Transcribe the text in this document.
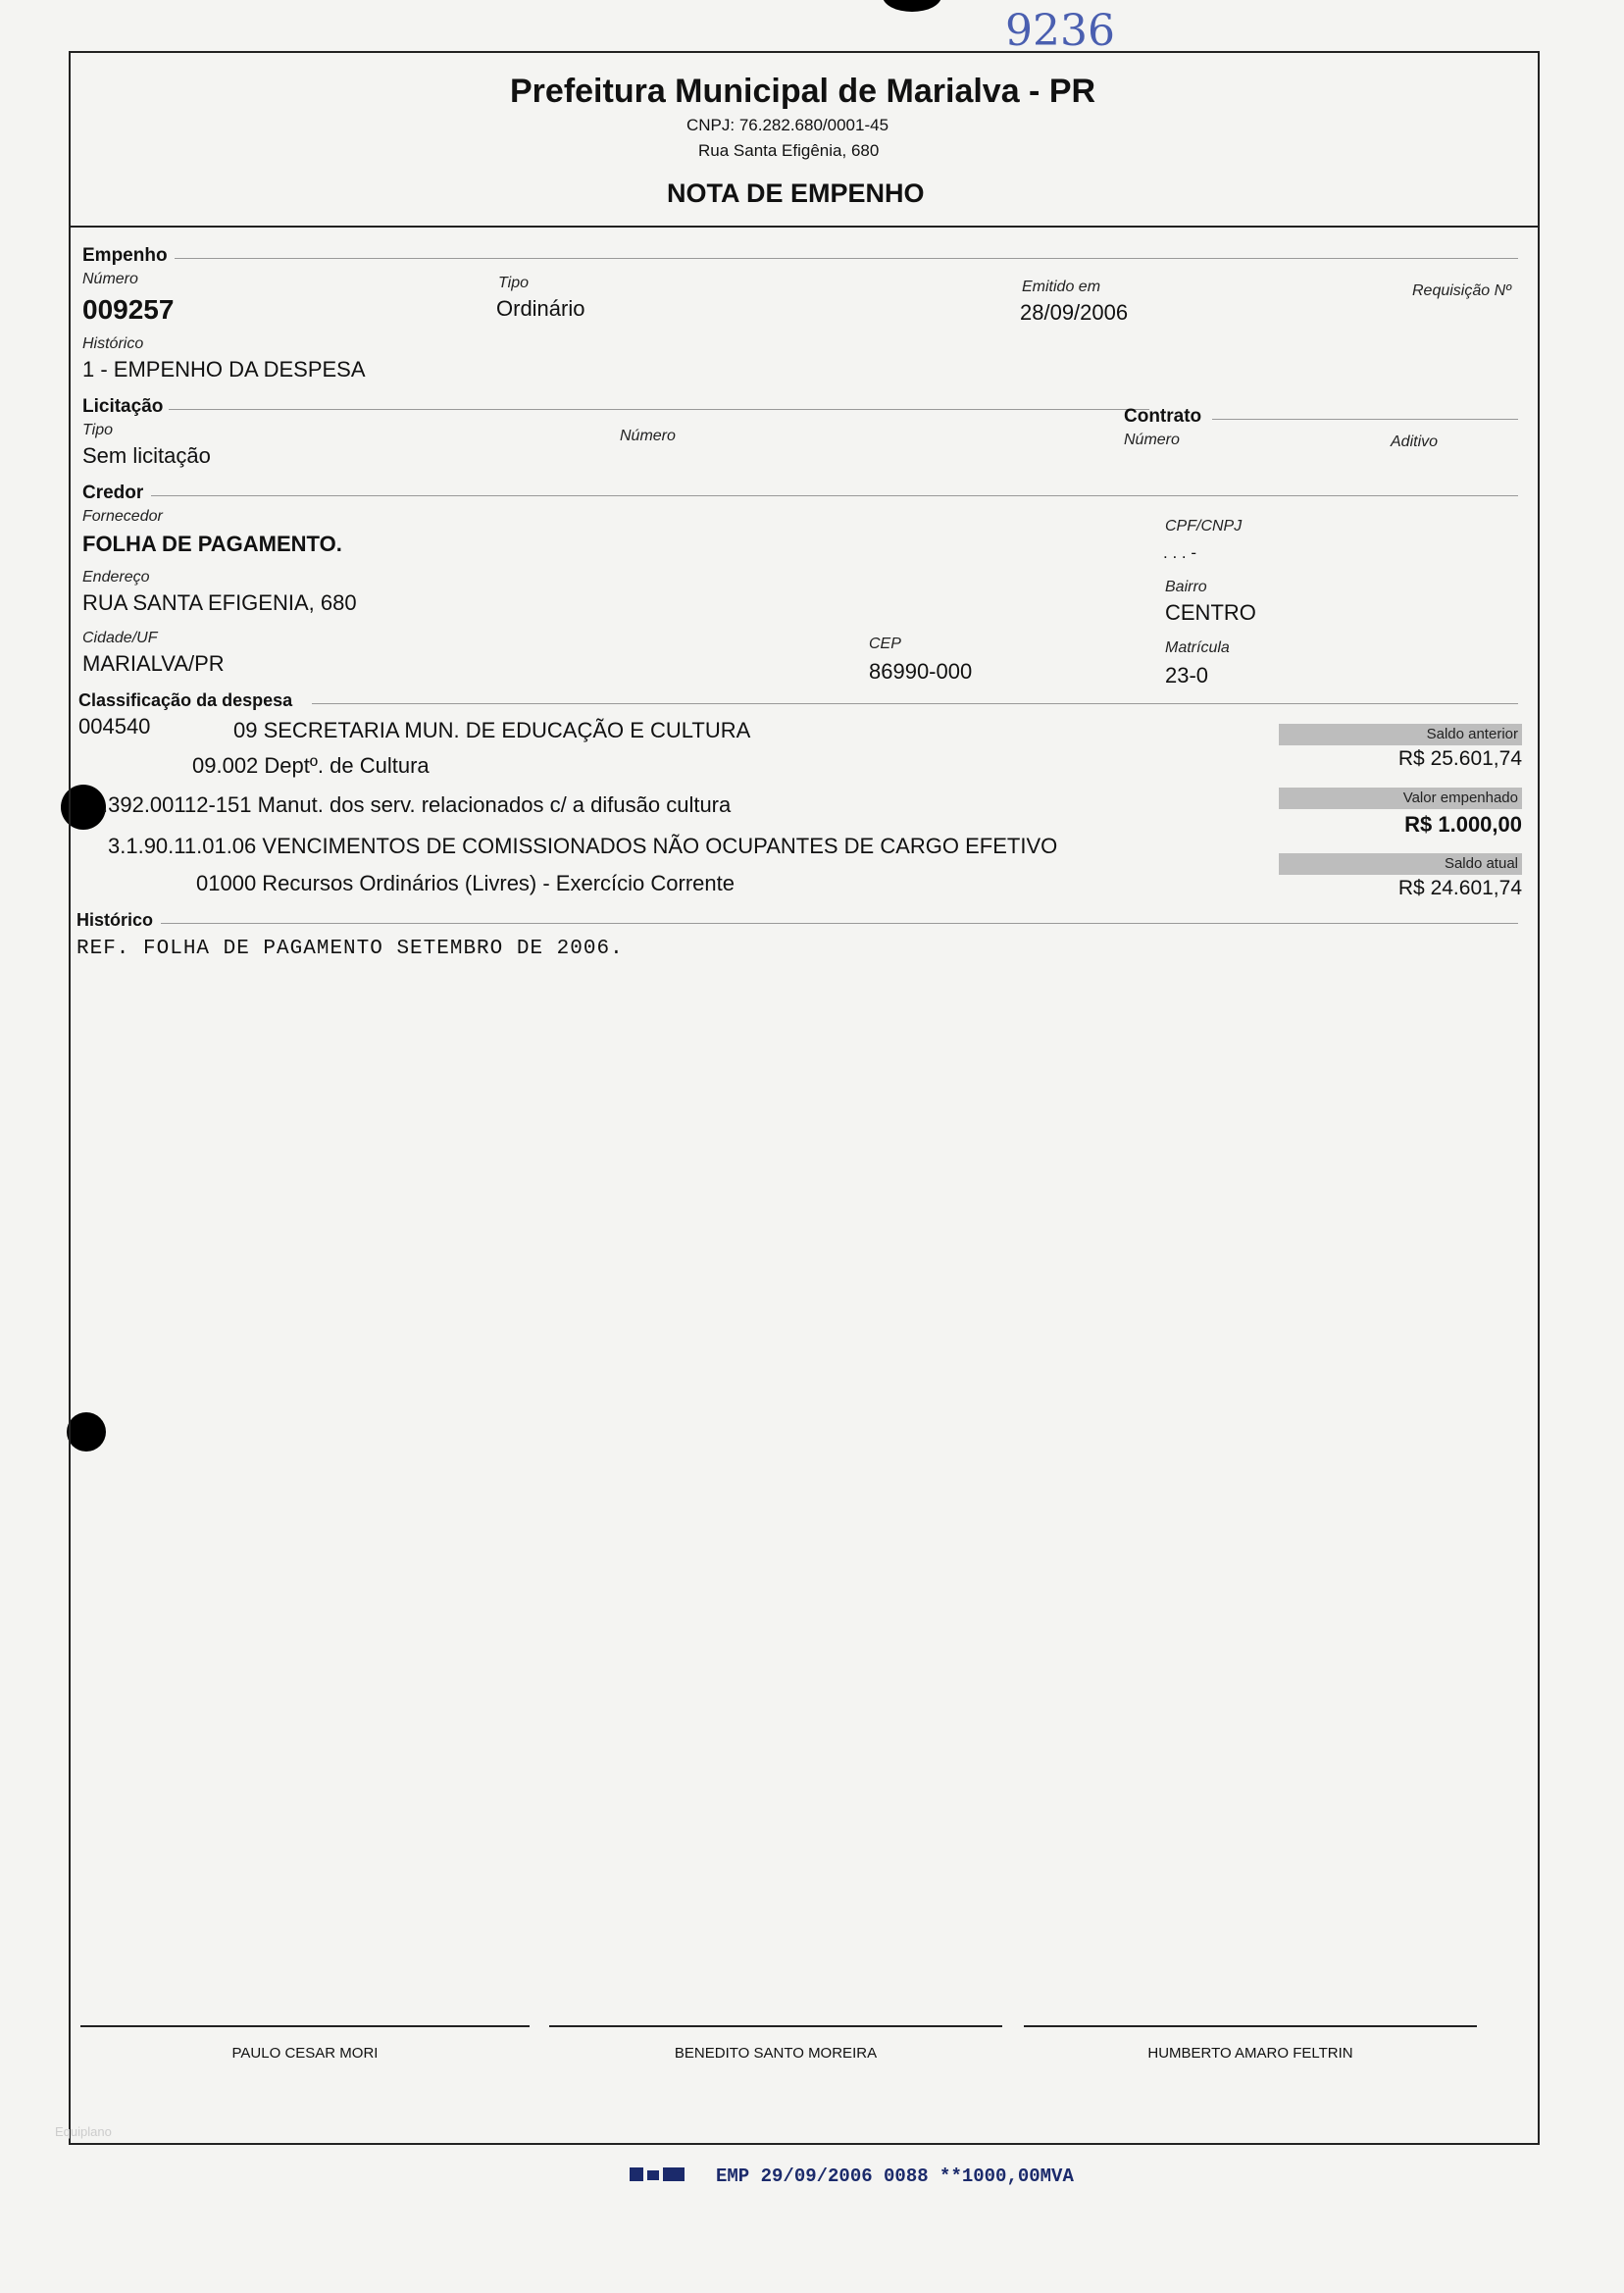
9236
Prefeitura Municipal de Marialva - PR
CNPJ: 76.282.680/0001-45
Rua Santa Efigênia, 680
NOTA DE EMPENHO
Empenho
Número
009257
Tipo
Ordinário
Emitido em
28/09/2006
Requisição Nº
Histórico
1 - EMPENHO DA DESPESA
Licitação
Tipo
Sem licitação
Número
Contrato
Número	Aditivo
Credor
Fornecedor
FOLHA DE PAGAMENTO.
CPF/CNPJ
. . . -
Endereço
RUA SANTA EFIGENIA, 680
Bairro
CENTRO
Cidade/UF
MARIALVA/PR
CEP
86990-000
Matrícula
23-0
Classificação da despesa
004540	09 SECRETARIA MUN. DE EDUCAÇÃO E CULTURA
09.002 Deptº. de Cultura
.392.00112-151 Manut. dos serv. relacionados c/ a difusão cultura
3.1.90.11.01.06 VENCIMENTOS DE COMISSIONADOS NÃO OCUPANTES DE CARGO EFETIVO
01000 Recursos Ordinários (Livres) - Exercício Corrente
Saldo anterior
R$ 25.601,74
Valor empenhado
R$ 1.000,00
Saldo atual
R$ 24.601,74
Histórico
REF. FOLHA DE PAGAMENTO SETEMBRO DE 2006.
PAULO CESAR MORI	BENEDITO SANTO MOREIRA	HUMBERTO AMARO FELTRIN
Equiplano
EMP 29/09/2006 0088 **1000,00MVA
